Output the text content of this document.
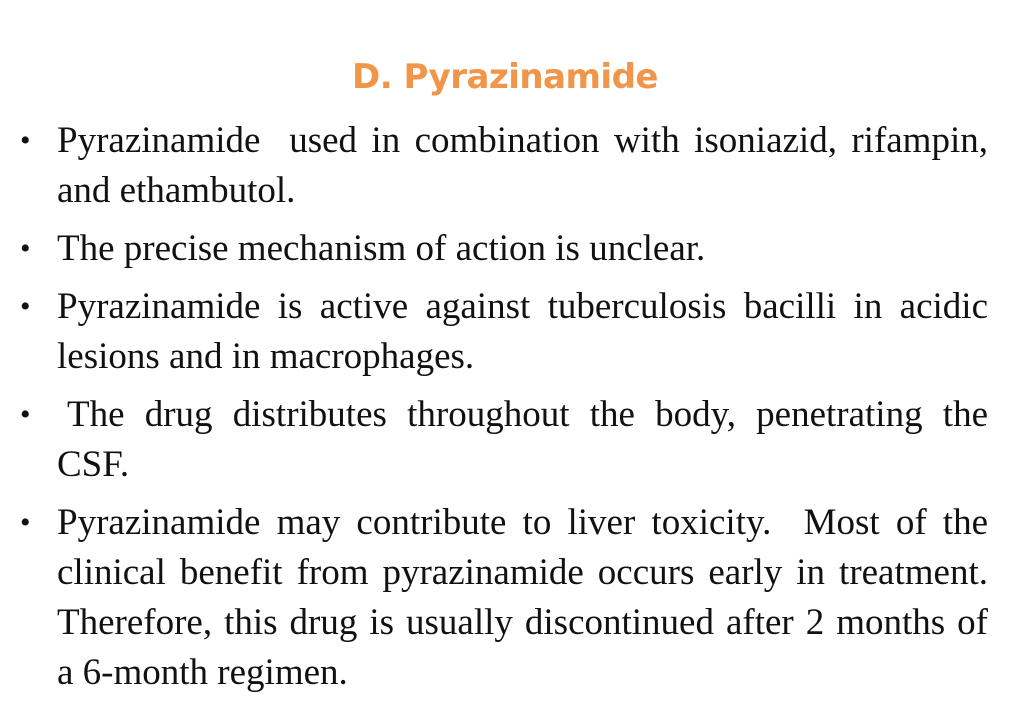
D. Pyrazinamide
• Pyrazinamide  used in combination with isoniazid, rifampin, and ethambutol.
• The precise mechanism of action is unclear.
• Pyrazinamide is active against tuberculosis bacilli in acidic lesions and in macrophages.
• The drug distributes throughout the body, penetrating the CSF.
• Pyrazinamide may contribute to liver toxicity.  Most of the clinical benefit from pyrazinamide occurs early in treatment. Therefore, this drug is usually discontinued after 2 months of a 6-month regimen.
